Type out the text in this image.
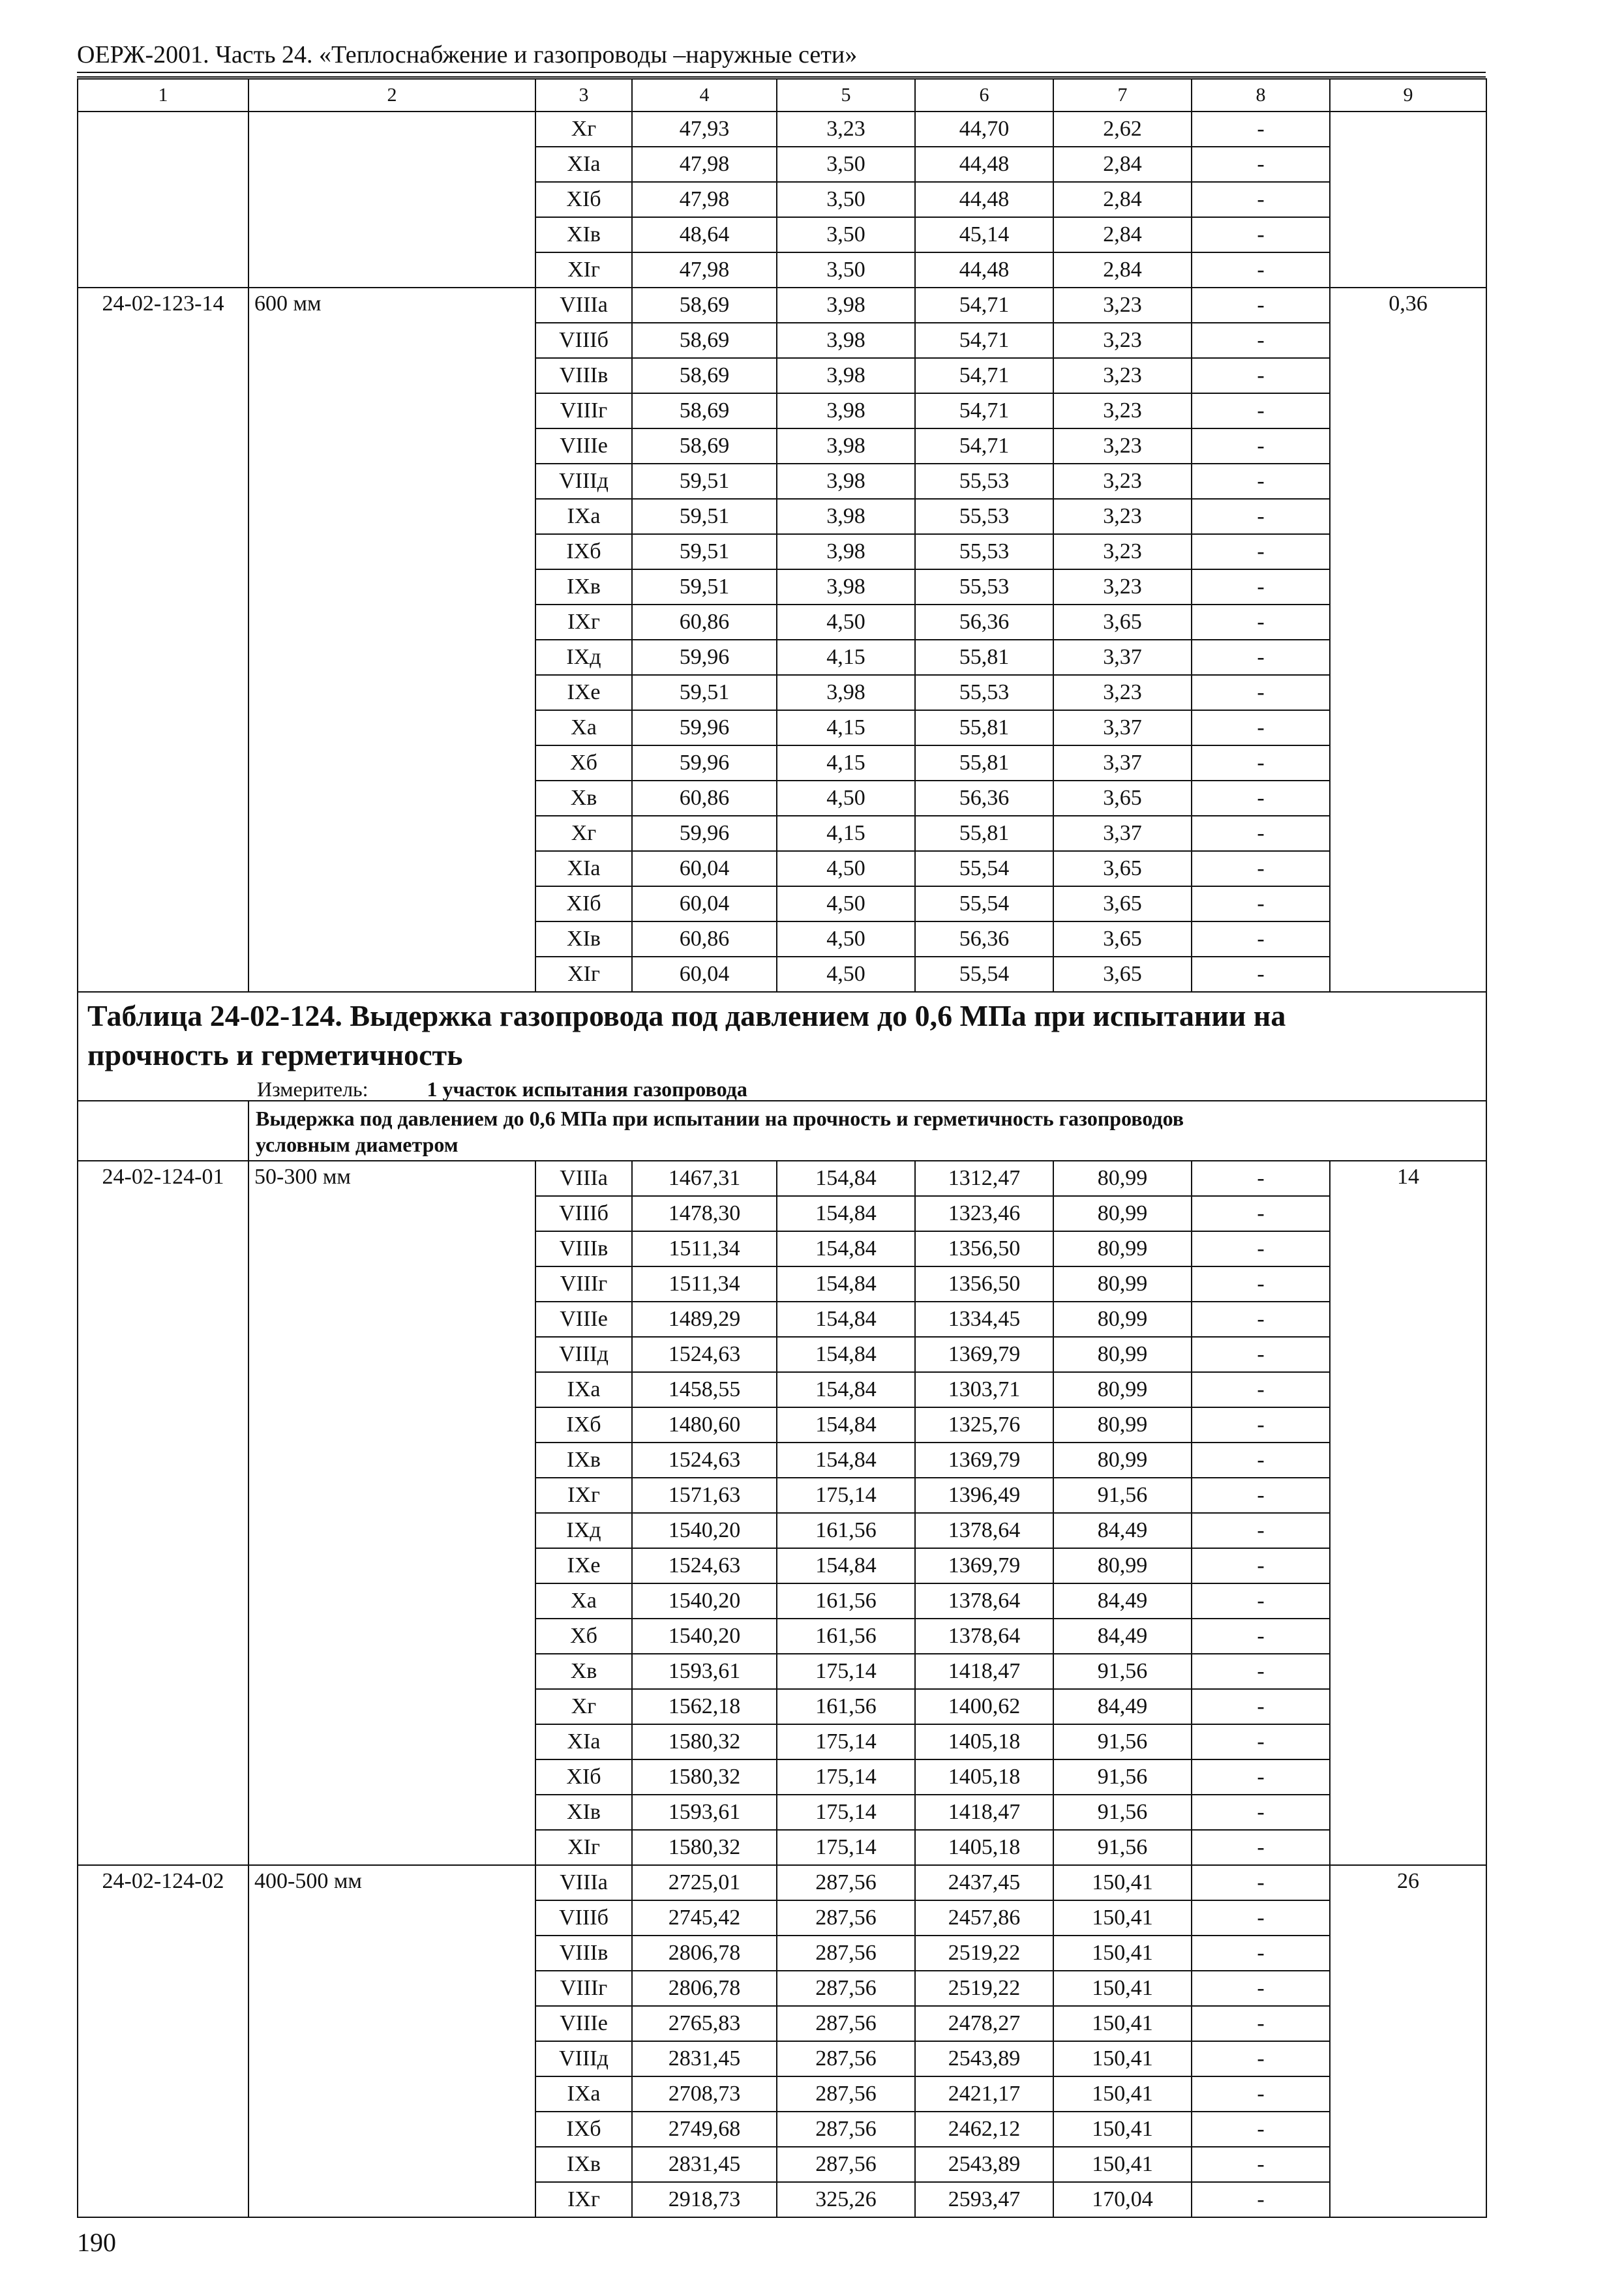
ОЕРЖ-2001. Часть 24. «Теплоснабжение и газопроводы –наружные сети»
1	2	3	4	5	6	7	8	9
		Xг	47,93	3,23	44,70	2,62	-	
		XIа	47,98	3,50	44,48	2,84	-	
		XIб	47,98	3,50	44,48	2,84	-	
		XIв	48,64	3,50	45,14	2,84	-	
		XIг	47,98	3,50	44,48	2,84	-	
24-02-123-14	600 мм	VIIIа	58,69	3,98	54,71	3,23	-	0,36
		VIIIб	58,69	3,98	54,71	3,23	-	
		VIIIв	58,69	3,98	54,71	3,23	-	
		VIIIг	58,69	3,98	54,71	3,23	-	
		VIIIе	58,69	3,98	54,71	3,23	-	
		VIIIд	59,51	3,98	55,53	3,23	-	
		IXа	59,51	3,98	55,53	3,23	-	
		IXб	59,51	3,98	55,53	3,23	-	
		IXв	59,51	3,98	55,53	3,23	-	
		IXг	60,86	4,50	56,36	3,65	-	
		IXд	59,96	4,15	55,81	3,37	-	
		IXе	59,51	3,98	55,53	3,23	-	
		Xа	59,96	4,15	55,81	3,37	-	
		Xб	59,96	4,15	55,81	3,37	-	
		Xв	60,86	4,50	56,36	3,65	-	
		Xг	59,96	4,15	55,81	3,37	-	
		XIа	60,04	4,50	55,54	3,65	-	
		XIб	60,04	4,50	55,54	3,65	-	
		XIв	60,86	4,50	56,36	3,65	-	
		XIг	60,04	4,50	55,54	3,65	-	

Таблица 24-02-124. Выдержка газопровода под давлением до 0,6 МПа при испытании на
прочность и герметичность
Измеритель: 1 участок испытания газопровода								

	Выдержка под давлением до 0,6 МПа при испытании на прочность и герметичность газопроводов
условным диаметром							
24-02-124-01	50-300 мм	VIIIа	1467,31	154,84	1312,47	80,99	-	14
		VIIIб	1478,30	154,84	1323,46	80,99	-	
		VIIIв	1511,34	154,84	1356,50	80,99	-	
		VIIIг	1511,34	154,84	1356,50	80,99	-	
		VIIIе	1489,29	154,84	1334,45	80,99	-	
		VIIIд	1524,63	154,84	1369,79	80,99	-	
		IXа	1458,55	154,84	1303,71	80,99	-	
		IXб	1480,60	154,84	1325,76	80,99	-	
		IXв	1524,63	154,84	1369,79	80,99	-	
		IXг	1571,63	175,14	1396,49	91,56	-	
		IXд	1540,20	161,56	1378,64	84,49	-	
		IXе	1524,63	154,84	1369,79	80,99	-	
		Xа	1540,20	161,56	1378,64	84,49	-	
		Xб	1540,20	161,56	1378,64	84,49	-	
		Xв	1593,61	175,14	1418,47	91,56	-	
		Xг	1562,18	161,56	1400,62	84,49	-	
		XIа	1580,32	175,14	1405,18	91,56	-	
		XIб	1580,32	175,14	1405,18	91,56	-	
		XIв	1593,61	175,14	1418,47	91,56	-	
		XIг	1580,32	175,14	1405,18	91,56	-	
24-02-124-02	400-500 мм	VIIIа	2725,01	287,56	2437,45	150,41	-	26
		VIIIб	2745,42	287,56	2457,86	150,41	-	
		VIIIв	2806,78	287,56	2519,22	150,41	-	
		VIIIг	2806,78	287,56	2519,22	150,41	-	
		VIIIе	2765,83	287,56	2478,27	150,41	-	
		VIIIд	2831,45	287,56	2543,89	150,41	-	
		IXа	2708,73	287,56	2421,17	150,41	-	
		IXб	2749,68	287,56	2462,12	150,41	-	
		IXв	2831,45	287,56	2543,89	150,41	-	
		IXг	2918,73	325,26	2593,47	170,04	-	
190
